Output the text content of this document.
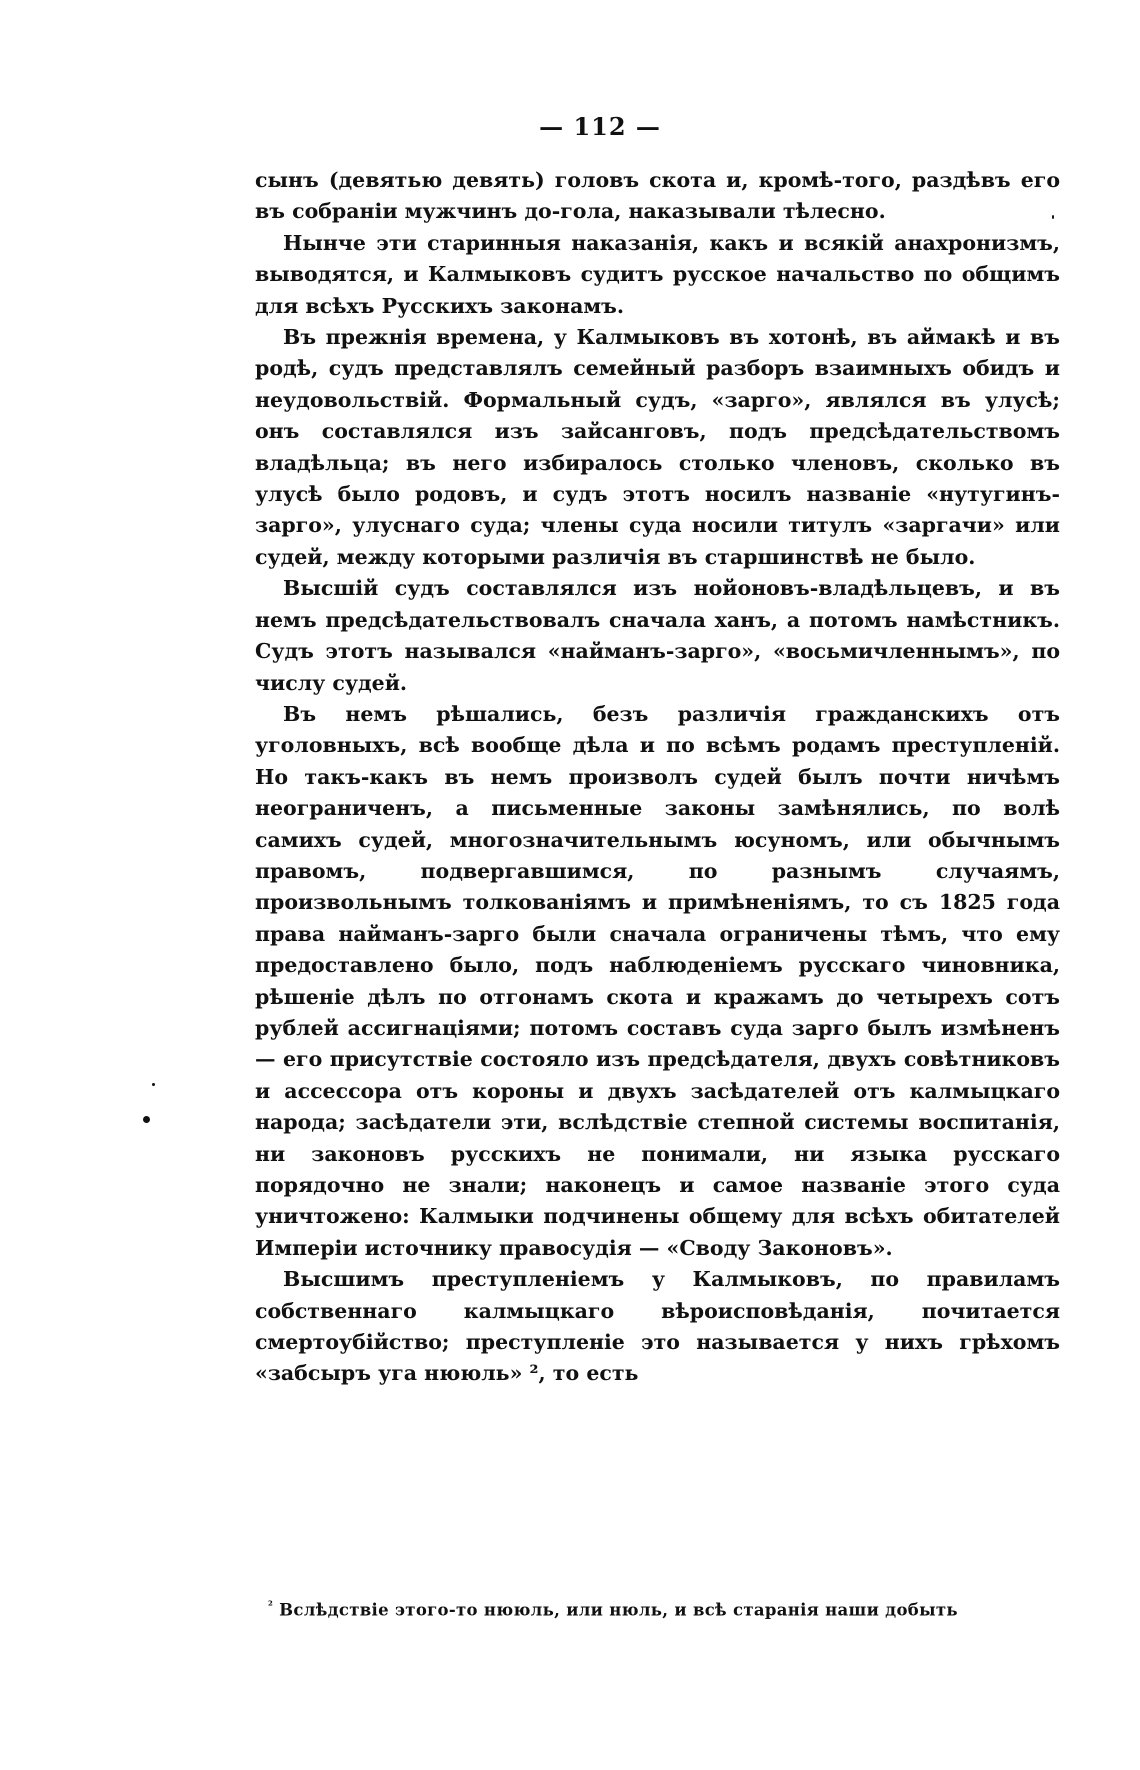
— 112 —

сынъ (девятью девять) головъ скота и, кромѣ-того, раздѣвъ его въ собраніи мужчинъ до-гола, наказывали тѣлесно.

Нынче эти старинныя наказанія, какъ и всякій анахронизмъ, выводятся, и Калмыковъ судитъ русское начальство по общимъ для всѣхъ Русскихъ законамъ.

Въ прежнія времена, у Калмыковъ въ хотонѣ, въ аймакѣ и въ родѣ, судъ представлялъ семейный разборъ взаимныхъ обидъ и неудовольствій. Формальный судъ, «зарго», являлся въ улусѣ; онъ составлялся изъ зайсанговъ, подъ предсѣдательствомъ владѣльца; въ него избиралось столько членовъ, сколько въ улусѣ было родовъ, и судъ этотъ носилъ названіе «нутугинъ-зарго», улуснаго суда; члены суда носили титулъ «заргачи» или судей, между которыми различія въ старшинствѣ не было.

Высшій судъ составлялся изъ нойоновъ-владѣльцевъ, и въ немъ предсѣдательствовалъ сначала ханъ, а потомъ намѣстникъ. Судъ этотъ назывался «найманъ-зарго», «восьмичленнымъ», по числу судей.

Въ немъ рѣшались, безъ различія гражданскихъ отъ уголовныхъ, всѣ вообще дѣла и по всѣмъ родамъ преступленій. Но такъ-какъ въ немъ произволъ судей былъ почти ничѣмъ неограниченъ, а письменные законы замѣнялись, по волѣ самихъ судей, многозначительнымъ юсуномъ, или обычнымъ правомъ, подвергавшимся, по разнымъ случаямъ, произвольнымъ толкованіямъ и примѣненіямъ, то съ 1825 года права найманъ-зарго были сначала ограничены тѣмъ, что ему предоставлено было, подъ наблюденіемъ русскаго чиновника, рѣшеніе дѣлъ по отгонамъ скота и кражамъ до четырехъ сотъ рублей ассигнаціями; потомъ составъ суда зарго былъ измѣненъ — его присутствіе состояло изъ предсѣдателя, двухъ совѣтниковъ и ассессора отъ короны и двухъ засѣдателей отъ калмыцкаго народа; засѣдатели эти, вслѣдствіе степной системы воспитанія, ни законовъ русскихъ не понимали, ни языка русскаго порядочно не знали; наконецъ и самое названіе этого суда уничтожено: Калмыки подчинены общему для всѣхъ обитателей Имперіи источнику правосудія — «Своду Законовъ».

Высшимъ преступленіемъ у Калмыковъ, по правиламъ собственнаго калмыцкаго вѣроисповѣданія, почитается смертоубійство; преступленіе это называется у нихъ грѣхомъ «забсыръ уга нююль» ², то есть

$^{^2}$ Вслѣдствіе этого-то нююль, или нюль, и всѣ старанія наши добыть
